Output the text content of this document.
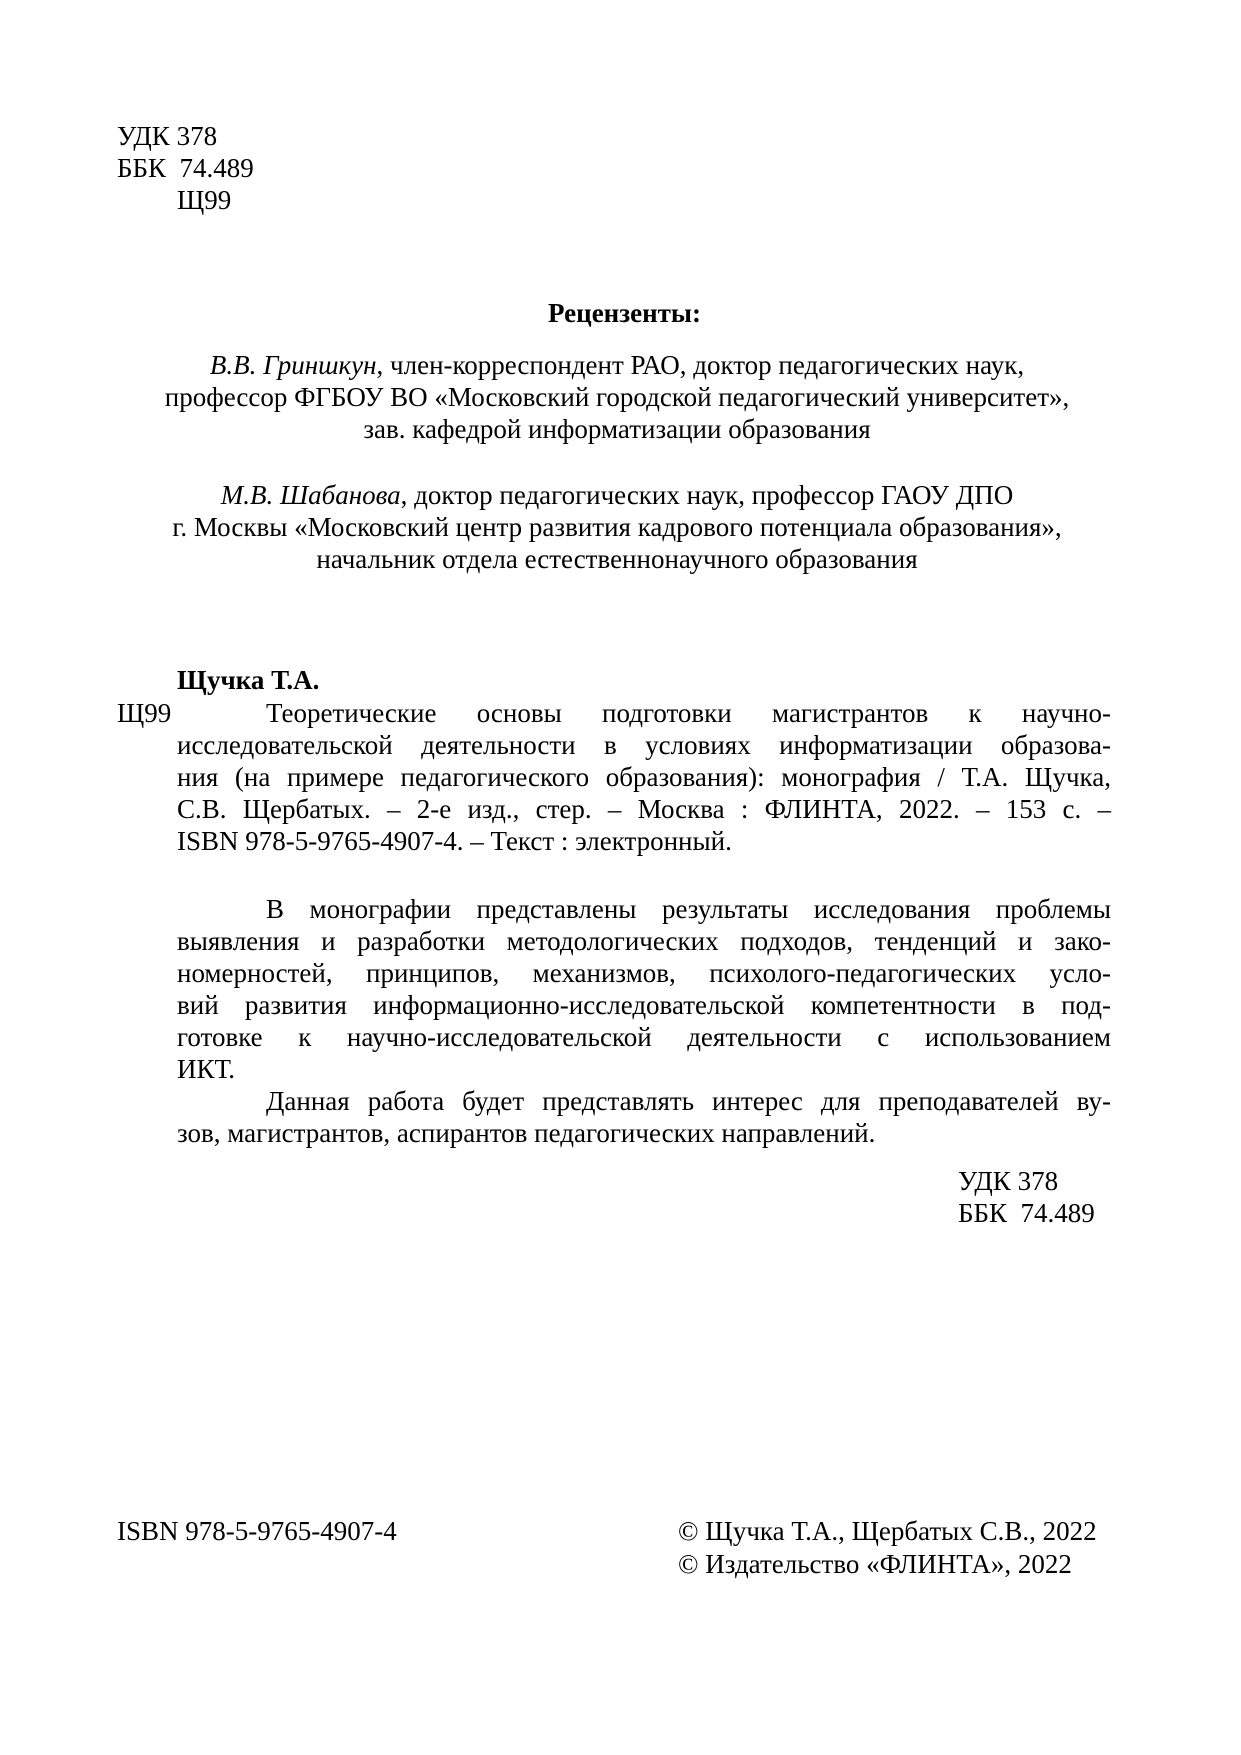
УДК 378
ББК  74.489
Щ99
Рецензенты:
В.В. Гриншкун, член-корреспондент РАО, доктор педагогических наук,
профессор ФГБОУ ВО «Московский городской педагогический университет»,
зав. кафедрой информатизации образования
М.В. Шабанова, доктор педагогических наук, профессор ГАОУ ДПО
г. Москвы «Московский центр развития кадрового потенциала образования»,
начальник отдела естественнонаучного образования
Щучка Т.А.
Щ99	Теоретические основы подготовки магистрантов к научно-
исследовательской деятельности в условиях информатизации образова-
ния (на примере педагогического образования): монография / Т.А. Щучка,
С.В. Щербатых. – 2-е изд., стер. – Москва : ФЛИНТА, 2022. – 153 с. –
ISBN 978-5-9765-4907-4. – Текст : электронный.
В монографии представлены результаты исследования проблемы
выявления и разработки методологических подходов, тенденций и зако-
номерностей, принципов, механизмов, психолого-педагогических усло-
вий развития информационно-исследовательской компетентности в под-
готовке к научно-исследовательской деятельности с использованием
ИКТ.
Данная работа будет представлять интерес для преподавателей ву-
зов, магистрантов, аспирантов педагогических направлений.
УДК 378
ББК  74.489
ISBN 978-5-9765-4907-4	© Щучка Т.А., Щербатых С.В., 2022
© Издательство «ФЛИНТА», 2022
